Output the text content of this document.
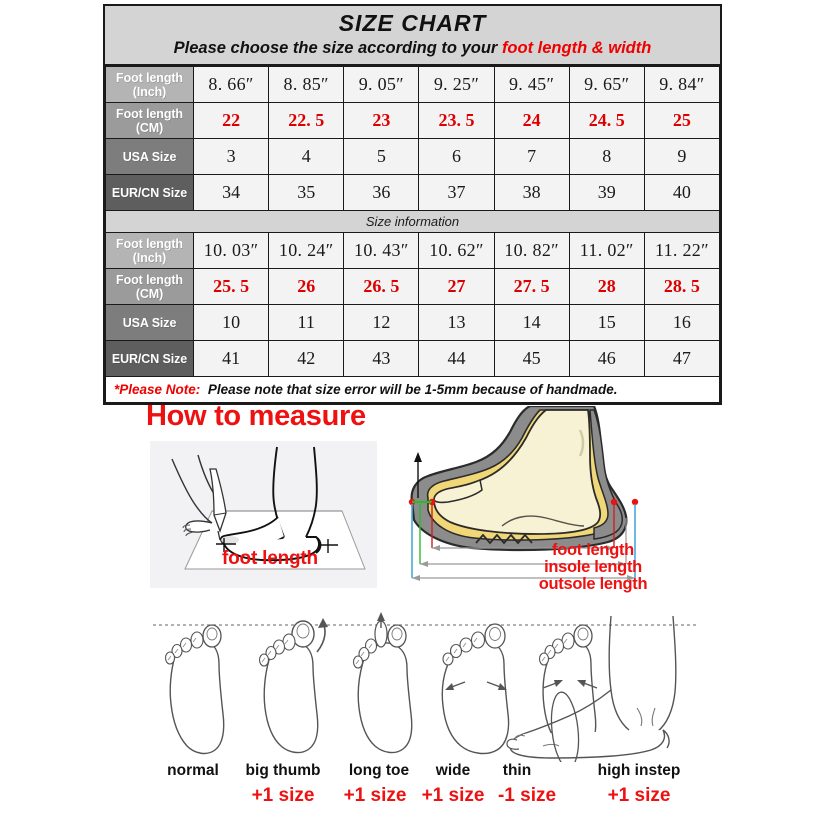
SIZE CHART
Please choose the size according to your foot length & width
Foot length
(Inch)	8. 66″	8. 85″	9. 05″	9. 25″	9. 45″	9. 65″	9. 84″
Foot length
(CM)	22	22. 5	23	23. 5	24	24. 5	25
USA Size	3	4	5	6	7	8	9
EUR/CN Size	34	35	36	37	38	39	40
Size information							
Foot length
(Inch)	10. 03″	10. 24″	10. 43″	10. 62″	10. 82″	11. 02″	11. 22″
Foot length
(CM)	25. 5	26	26. 5	27	27. 5	28	28. 5
USA Size	10	11	12	13	14	15	16
EUR/CN Size	41	42	43	44	45	46	47
*Please Note: Please note that size error will be 1-5mm because of handmade.							
How to measure
foot length	foot length
insole length
outsole length
normal	big thumb	long toe	wide	thin	high instep
+1 size	+1 size +1 size -1 size	+1 size
